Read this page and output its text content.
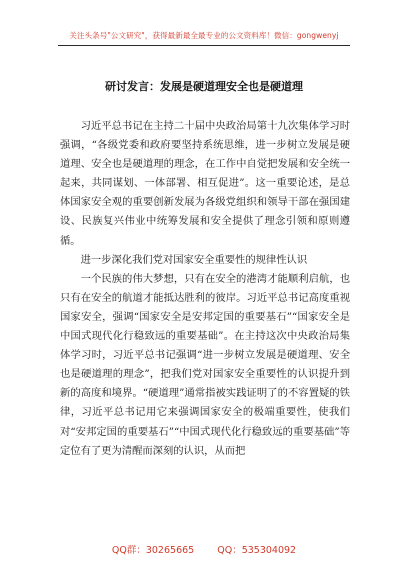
关注头条号"公文研究"，获得最新最全最专业的公文资料库！微信：gongwenyj
研讨发言：发展是硬道理安全也是硬道理

习近平总书记在主持二十届中央政治局第十九次集体学习时强调，“各级党委和政府要坚持系统思维，进一步树立发展是硬道理、安全也是硬道理的理念，在工作中自觉把发展和安全统一起来，共同谋划、一体部署、相互促进”。这一重要论述，是总体国家安全观的重要创新发展为各级党组织和领导干部在强国建设、民族复兴伟业中统筹发展和安全提供了理念引领和原则遵循。

进一步深化我们党对国家安全重要性的规律性认识

一个民族的伟大梦想，只有在安全的港湾才能顺利启航，也只有在安全的航道才能抵达胜利的彼岸。习近平总书记高度重视国家安全，强调“国家安全是安邦定国的重要基石”“国家安全是中国式现代化行稳致远的重要基础”。在主持这次中央政治局集体学习时，习近平总书记强调“进一步树立发展是硬道理、安全也是硬道理的理念”，把我们党对国家安全重要性的认识提升到新的高度和境界。“硬道理”通常指被实践证明了的不容置疑的铁律，习近平总书记用它来强调国家安全的极端重要性，使我们对“安邦定国的重要基石”“中国式现代化行稳致远的重要基础”等定位有了更为清醒而深刻的认识，从而把

QQ群：30265665 QQ：535304092
